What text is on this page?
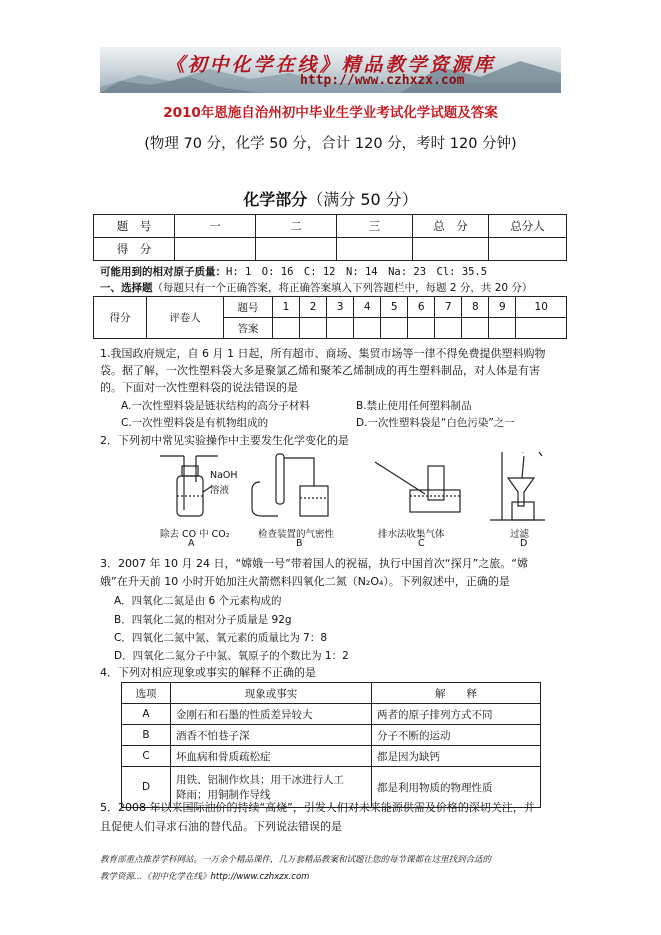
《初中化学在线》精品教学资源库
http://www.czhxzx.com
2010年恩施自治州初中毕业生学业考试化学试题及答案
(物理 70 分，化学 50 分，合计 120 分，考时 120 分钟)
化学部分（满分 50 分）
题　号	一	二	三	总　分	总分人
得　分					
可能用到的相对原子质量：H: 1　O: 16　C: 12　N: 14　Na: 23　Cl: 35.5
一、选择题（每题只有一个正确答案，将正确答案填入下列答题栏中，每题 2 分，共 20 分）
得分	评卷人	题号	1	2	3	4	5	6	7	8	9	10
		答案										
1.我国政府规定，自 6 月 1 日起，所有超市、商场、集贸市场等一律不得免费提供塑料购物
袋。据了解，一次性塑料袋大多是聚氯乙烯和聚苯乙烯制成的再生塑料制品，对人体是有害
的。下面对一次性塑料袋的说法错误的是
A.一次性塑料袋是链状结构的高分子材料	B.禁止使用任何塑料制品
C.一次性塑料袋是有机物组成的	D.一次性塑料袋是“白色污染”之一
2．下列初中常见实验操作中主要发生化学变化的是
NaOH
溶液
除去 CO 中 CO₂	检查装置的气密性	排水法收集气体	过滤
A	B	C	D
3．2007 年 10 月 24 日，“嫦娥一号”带着国人的祝福，执行中国首次“探月”之旅。“嫦
娥”在升天前 10 小时开始加注火箭燃料四氧化二氮（N₂O₄）。下列叙述中，正确的是
A．四氧化二氮是由 6 个元素构成的
B．四氧化二氮的相对分子质量是 92g
C．四氧化二氮中氮、氧元素的质量比为 7：8
D．四氧化二氮分子中氮、氧原子的个数比为 1：2
4．下列对相应现象或事实的解释不正确的是
选项	现象或事实	解　　释
A	金刚石和石墨的性质差异较大	两者的原子排列方式不同
B	酒香不怕巷子深	分子不断的运动
C	坏血病和骨质疏松症	都是因为缺钙
D	用铁、铝制作炊具；用干冰进行人工
降雨；用铜制作导线	都是利用物质的物理性质
5．2008 年以来国际油价的持续“高烧”，引发人们对未来能源供需及价格的深切关注，并
且促使人们寻求石油的替代品。下列说法错误的是
教育部重点推荐学科网站。一万余个精品课件，几万套精品教案和试题让您的每节课都在这里找到合适的
教学资源…《初中化学在线》http://www.czhxzx.com
